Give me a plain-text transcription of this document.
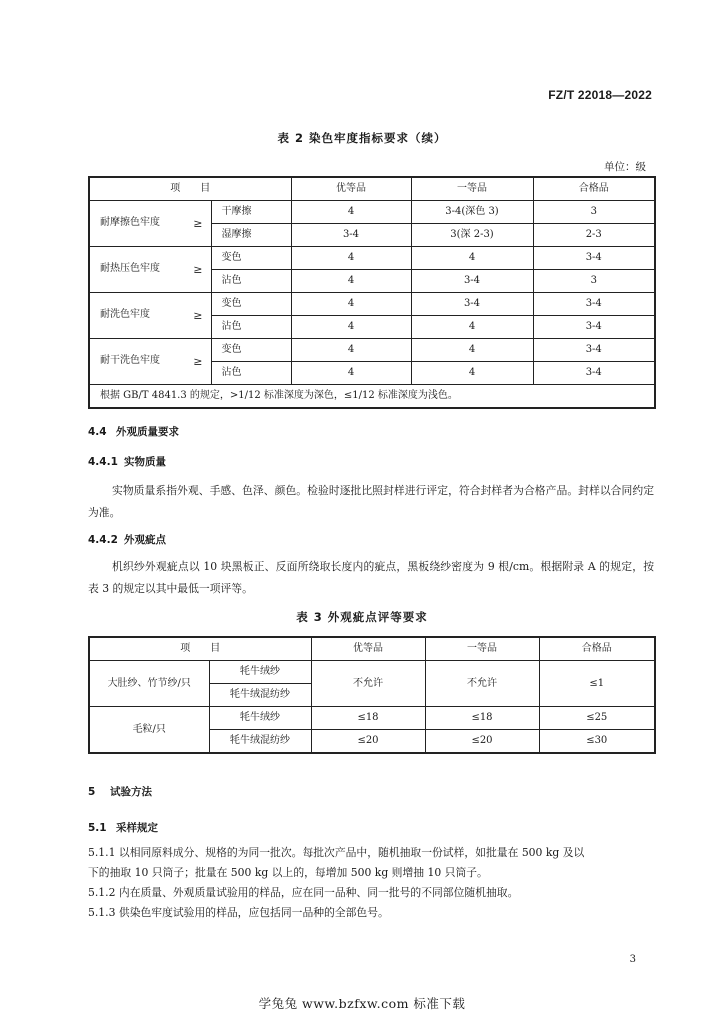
FZ/T 22018—2022
表 2 染色牢度指标要求（续）
单位：级
项　　目		优等品	一等品	合格品

耐摩擦色牢度 ≥	干摩擦	4	3-4(深色 3)	3
	湿摩擦	3-4	3(深 2-3)	2-3

耐热压色牢度 ≥	变色	4	4	3-4
	沾色	4	3-4	3

耐洗色牢度 ≥	变色	4	3-4	3-4
	沾色	4	4	3-4

耐干洗色牢度 ≥	变色	4	4	3-4
	沾色	4	4	3-4
根据 GB/T 4841.3 的规定，>1/12 标准深度为深色，≤1/12 标准深度为浅色。				
4.4 外观质量要求
4.4.1 实物质量
实物质量系指外观、手感、色泽、颜色。检验时逐批比照封样进行评定，符合封样者为合格产品。封样以合同约定为准。
4.4.2 外观疵点
机织纱外观疵点以 10 块黑板正、反面所绕取长度内的疵点，黑板绕纱密度为 9 根/cm。根据附录 A 的规定，按表 3 的规定以其中最低一项评等。
表 3 外观疵点评等要求
项　　目		优等品	一等品	合格品
大肚纱、竹节纱/只	牦牛绒纱	不允许	不允许	≤1
	牦牛绒混纺纱			
毛粒/只	牦牛绒纱	≤18	≤18	≤25
	牦牛绒混纺纱	≤20	≤20	≤30
5 试验方法
5.1 采样规定
5.1.1 以相同原料成分、规格的为同一批次。每批次产品中，随机抽取一份试样，如批量在 500 kg 及以
下的抽取 10 只筒子；批量在 500 kg 以上的，每增加 500 kg 则增抽 10 只筒子。
5.1.2 内在质量、外观质量试验用的样品，应在同一品种、同一批号的不同部位随机抽取。
5.1.3 供染色牢度试验用的样品，应包括同一品种的全部色号。
3
学兔兔 www.bzfxw.com 标准下载
